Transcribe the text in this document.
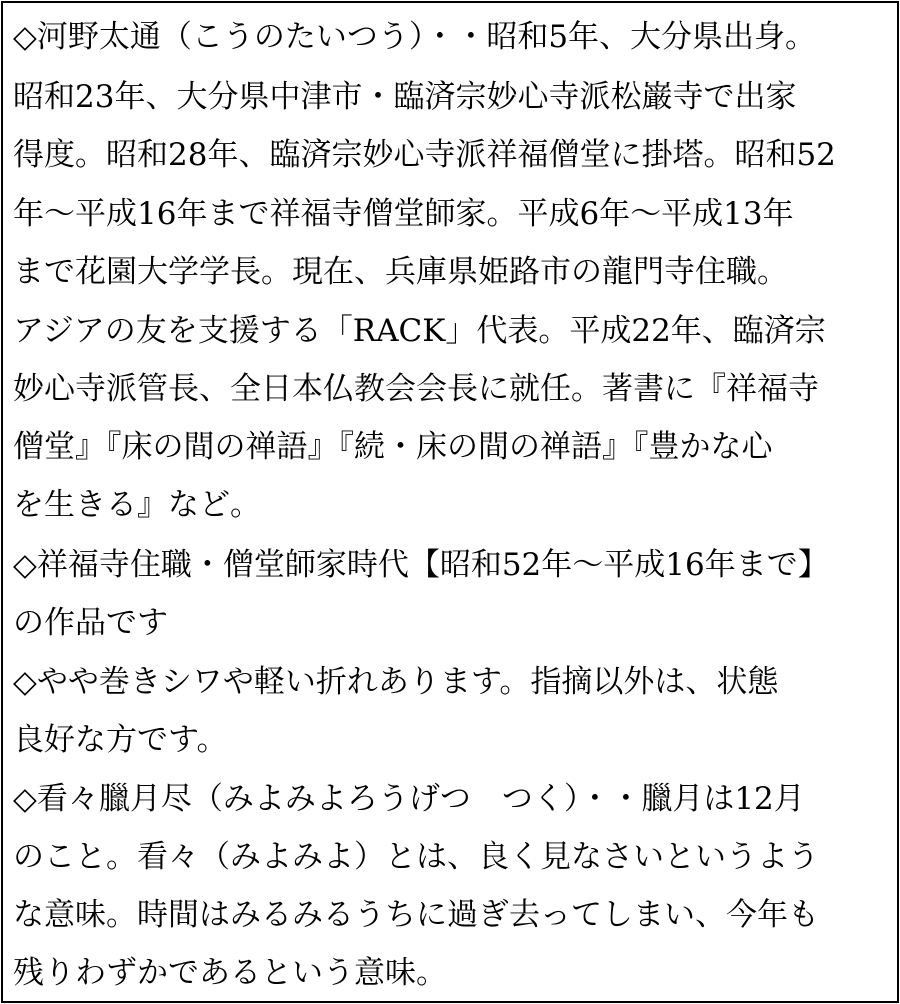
◇河野太通（こうのたいつう）・・昭和5年、大分県出身。
昭和23年、大分県中津市・臨済宗妙心寺派松巌寺で出家
得度。昭和28年、臨済宗妙心寺派祥福僧堂に掛塔。昭和52
年〜平成16年まで祥福寺僧堂師家。平成6年〜平成13年
まで花園大学学長。現在、兵庫県姫路市の龍門寺住職。
アジアの友を支援する「RACK」代表。平成22年、臨済宗
妙心寺派管長、全日本仏教会会長に就任。著書に『祥福寺
僧堂』『床の間の禅語』『続・床の間の禅語』『豊かな心
を生きる』など。
◇祥福寺住職・僧堂師家時代【昭和52年〜平成16年まで】
の作品です
◇やや巻きシワや軽い折れあります。指摘以外は、状態
良好な方です。
◇看々臘月尽（みよみよろうげつ　つく）・・臘月は12月
のこと。看々（みよみよ）とは、良く見なさいというよう
な意味。時間はみるみるうちに過ぎ去ってしまい、今年も
残りわずかであるという意味。
